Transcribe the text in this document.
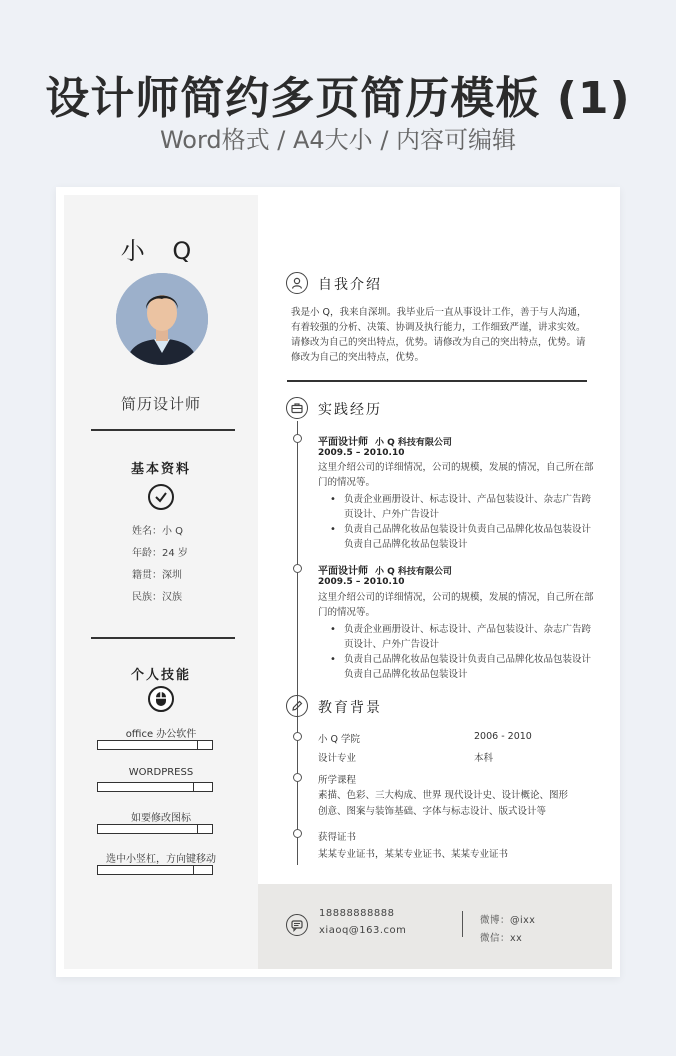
设计师简约多页简历模板 (1)
Word格式 / A4大小 / 内容可编辑
小 Q
简历设计师
基本资料
姓名：小 Q
年龄：24 岁
籍贯：深圳
民族：汉族
个人技能
office 办公软件
WORDPRESS
如要修改图标
选中小竖杠，方向键移动
自我介绍
我是小 Q，我来自深圳。我毕业后一直从事设计工作，善于与人沟通，有着较强的分析、决策、协调及执行能力，工作细致严谨，讲求实效。请修改为自己的突出特点，优势。请修改为自己的突出特点，优势。请修改为自己的突出特点，优势。
实践经历
平面设计师 小 Q 科技有限公司
2009.5 – 2010.10
这里介绍公司的详细情况，公司的规模，发展的情况，自己所在部门的情况等。
• 负责企业画册设计、标志设计、产品包装设计、杂志广告跨页设计、户外广告设计
• 负责自己品牌化妆品包装设计负责自己品牌化妆品包装设计负责自己品牌化妆品包装设计
平面设计师 小 Q 科技有限公司
2009.5 – 2010.10
这里介绍公司的详细情况，公司的规模，发展的情况，自己所在部门的情况等。
• 负责企业画册设计、标志设计、产品包装设计、杂志广告跨页设计、户外广告设计
• 负责自己品牌化妆品包装设计负责自己品牌化妆品包装设计负责自己品牌化妆品包装设计
教育背景
小 Q 学院	2006 - 2010
设计专业	本科
所学课程
素描、色彩、三大构成、世界 现代设计史、设计概论、图形创意、图案与装饰基础、字体与标志设计、版式设计等
获得证书
某某专业证书，某某专业证书、某某专业证书
18888888888
xiaoq@163.com
微博：@ixx
微信：xx
